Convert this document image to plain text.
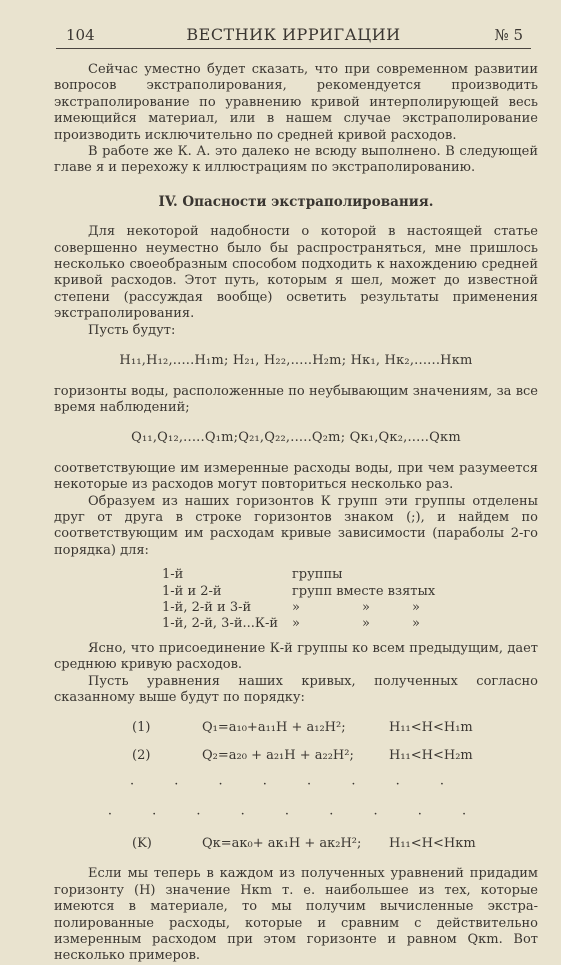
104	ВЕСТНИК ИРРИГАЦИИ	№ 5

Сейчас уместно будет сказать, что при современном развитии вопросов экстраполирования, рекомендуется производить экстраполирование по уравнению кривой интерполирующей весь имеющийся материал, или в нашем случае экстраполирование производить исключительно по средней кривой расходов.

В работе же К. А. это далеко не всюду выполнено. В следующей главе я и перехожу к иллюстрациям по экстраполированию.

IV. Опасности экстраполирования.

Для некоторой надобности о которой в настоящей статье совершенно неуместно было бы распространяться, мне пришлось несколько своеобразным способом подходить к нахождению средней кривой расходов. Этот путь, которым я шел, может до известной степени (рассуждая вообще) осветить результаты применения экстраполирования.

Пусть будут:

H₁₁,H₁₂,.....H₁m; H₂₁, H₂₂,.....H₂m; Hк₁, Hк₂,......Hкm

горизонты воды, расположенные по неубывающим значениям, за все время наблюдений;

Q₁₁,Q₁₂,.....Q₁m;Q₂₁,Q₂₂,.....Q₂m; Qк₁,Qк₂,.....Qкm

соответствующие им измеренные расходы воды, при чем разумеется некоторые из расходов могут повториться несколько раз.

Образуем из наших горизонтов К групп эти группы отделены друг от друга в строке горизонтов знаком (;), и найдем по соответствующим им расходам кривые зависимости (параболы 2-го порядка) для:

1-й	группы
1-й и 2-й	групп вместе взятых
1-й, 2-й и 3-й	»	»	»
1-й, 2-й, 3-й...К-й »	»	»

Ясно, что присоединение К-й группы ко всем предыдущим, дает среднюю кривую расходов.

Пусть уравнения наших кривых, полученных согласно сказанному выше будут по порядку:

(1)	Q₁=a₁₀+a₁₁H + a₁₂H²;	H₁₁<H<H₁m
(2)	Q₂=a₂₀ + a₂₁H + a₂₂H²;	H₁₁<H<H₂m
· · · · · · · ·
· · · · · · · · ·
(K)	Qк=aк₀+ aк₁H + aк₂H²; H₁₁<H<Hкm

Если мы теперь в каждом из полученных уравнений придадим горизонту (H) значение Hкm т. е. наибольшее из тех, которые имеются в материале, то мы получим вычисленные экстра-полированные расходы, которые и сравним с действительно измеренным расходом при этом горизонте и равном Qкm. Вот несколько примеров.
